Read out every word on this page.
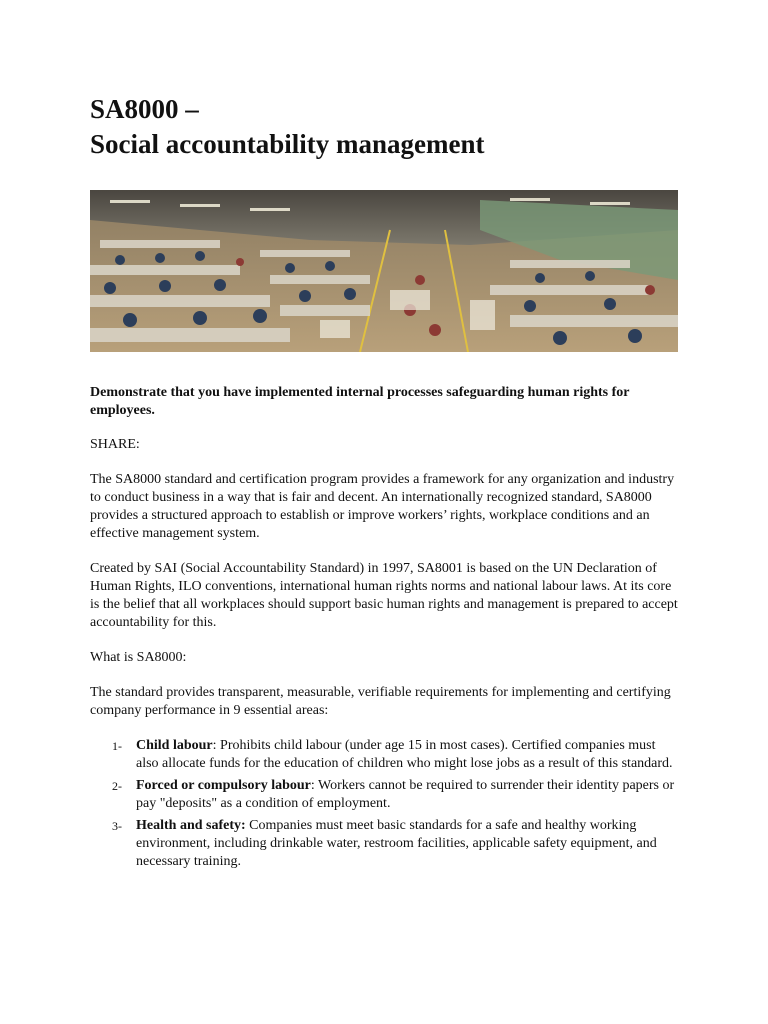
SA8000 –
Social accountability management

Demonstrate that you have implemented internal processes safeguarding human rights for employees.

SHARE:

The SA8000 standard and certification program provides a framework for any organization and industry to conduct business in a way that is fair and decent. An internationally recognized standard, SA8000 provides a structured approach to establish or improve workers’ rights, workplace conditions and an effective management system.

Created by SAI (Social Accountability Standard) in 1997, SA8001 is based on the UN Declaration of Human Rights, ILO conventions, international human rights norms and national labour laws. At its core is the belief that all workplaces should support basic human rights and management is prepared to accept accountability for this.

What is SA8000:

The standard provides transparent, measurable, verifiable requirements for implementing and certifying company performance in 9 essential areas:

1- Child labour: Prohibits child labour (under age 15 in most cases). Certified companies must also allocate funds for the education of children who might lose jobs as a result of this standard.
2- Forced or compulsory labour: Workers cannot be required to surrender their identity papers or pay "deposits" as a condition of employment.
3- Health and safety: Companies must meet basic standards for a safe and healthy working environment, including drinkable water, restroom facilities, applicable safety equipment, and necessary training.
